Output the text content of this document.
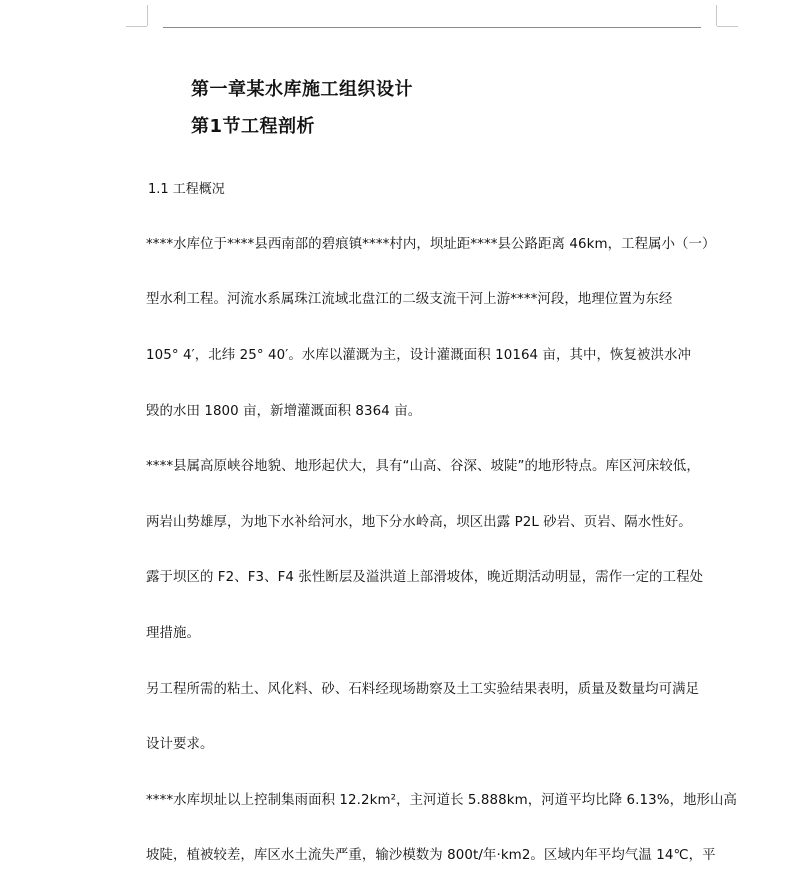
第一章某水库施工组织设计
第1节工程剖析
1.1 工程概况
****水库位于****县西南部的碧痕镇****村内，坝址距****县公路距离 46km，工程属小（一）
型水利工程。河流水系属珠江流域北盘江的二级支流干河上游****河段，地理位置为东经
105° 4′，北纬 25° 40′。水库以灌溉为主，设计灌溉面积 10164 亩，其中，恢复被洪水冲
毁的水田 1800 亩，新增灌溉面积 8364 亩。
****县属高原峡谷地貌、地形起伏大，具有“山高、谷深、坡陡”的地形特点。库区河床较低，
两岩山势雄厚，为地下水补给河水，地下分水岭高，坝区出露 P2L 砂岩、页岩、隔水性好。
露于坝区的 F2、F3、F4 张性断层及溢洪道上部滑坡体，晚近期活动明显，需作一定的工程处
理措施。
另工程所需的粘土、风化料、砂、石料经现场勘察及土工实验结果表明，质量及数量均可满足
设计要求。
****水库坝址以上控制集雨面积 12.2km²，主河道长 5.888km，河道平均比降 6.13%，地形山高
坡陡，植被较差，库区水土流失严重，输沙模数为 800t/年·km2。区域内年平均气温 14℃，平
